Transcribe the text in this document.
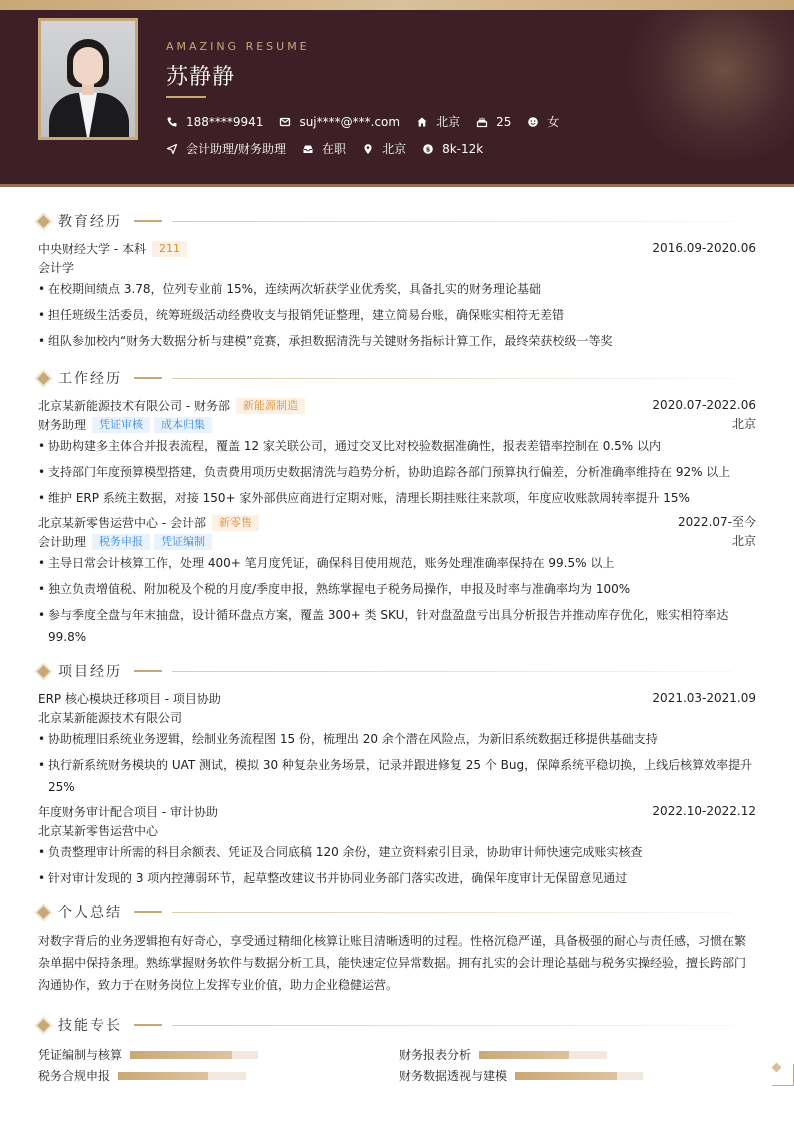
AMAZING RESUME
苏静静
188****9941	suj****@***.com	北京	25	女
会计助理/财务助理	在职	北京	$ 8k-12k
教育经历
中央财经大学 - 本科	211	2016.09-2020.06
会计学
• 在校期间绩点 3.78，位列专业前 15%，连续两次斩获学业优秀奖，具备扎实的财务理论基础
• 担任班级生活委员，统筹班级活动经费收支与报销凭证整理，建立简易台账，确保账实相符无差错
• 组队参加校内“财务大数据分析与建模”竞赛，承担数据清洗与关键财务指标计算工作，最终荣获校级一等奖
工作经历
北京某新能源技术有限公司 - 财务部	新能源制造	2020.07-2022.06
财务助理	凭证审核	成本归集	北京
• 协助构建多主体合并报表流程，覆盖 12 家关联公司，通过交叉比对校验数据准确性，报表差错率控制在 0.5% 以内
• 支持部门年度预算模型搭建，负责费用项历史数据清洗与趋势分析，协助追踪各部门预算执行偏差，分析准确率维持在 92% 以上
• 维护 ERP 系统主数据，对接 150+ 家外部供应商进行定期对账，清理长期挂账往来款项，年度应收账款周转率提升 15%
北京某新零售运营中心 - 会计部	新零售	2022.07-至今
会计助理	税务申报	凭证编制	北京
• 主导日常会计核算工作，处理 400+ 笔月度凭证，确保科目使用规范，账务处理准确率保持在 99.5% 以上
• 独立负责增值税、附加税及个税的月度/季度申报，熟练掌握电子税务局操作，申报及时率与准确率均为 100%
• 参与季度全盘与年末抽盘，设计循环盘点方案，覆盖 300+ 类 SKU，针对盘盈盘亏出具分析报告并推动库存优化，账实相符率达 99.8%
项目经历
ERP 核心模块迁移项目 - 项目协助	2021.03-2021.09
北京某新能源技术有限公司
• 协助梳理旧系统业务逻辑，绘制业务流程图 15 份，梳理出 20 余个潜在风险点，为新旧系统数据迁移提供基础支持
• 执行新系统财务模块的 UAT 测试，模拟 30 种复杂业务场景，记录并跟进修复 25 个 Bug，保障系统平稳切换，上线后核算效率提升 25%
年度财务审计配合项目 - 审计协助	2022.10-2022.12
北京某新零售运营中心
• 负责整理审计所需的科目余额表、凭证及合同底稿 120 余份，建立资料索引目录，协助审计师快速完成账实核查
• 针对审计发现的 3 项内控薄弱环节，起草整改建议书并协同业务部门落实改进，确保年度审计无保留意见通过
个人总结

对数字背后的业务逻辑抱有好奇心，享受通过精细化核算让账目清晰透明的过程。性格沉稳严谨，具备极强的耐心与责任感，习惯在繁杂单据中保持条理。熟练掌握财务软件与数据分析工具，能快速定位异常数据。拥有扎实的会计理论基础与税务实操经验，擅长跨部门沟通协作，致力于在财务岗位上发挥专业价值，助力企业稳健运营。

技能专长
凭证编制与核算	财务报表分析
税务合规申报	财务数据透视与建模
